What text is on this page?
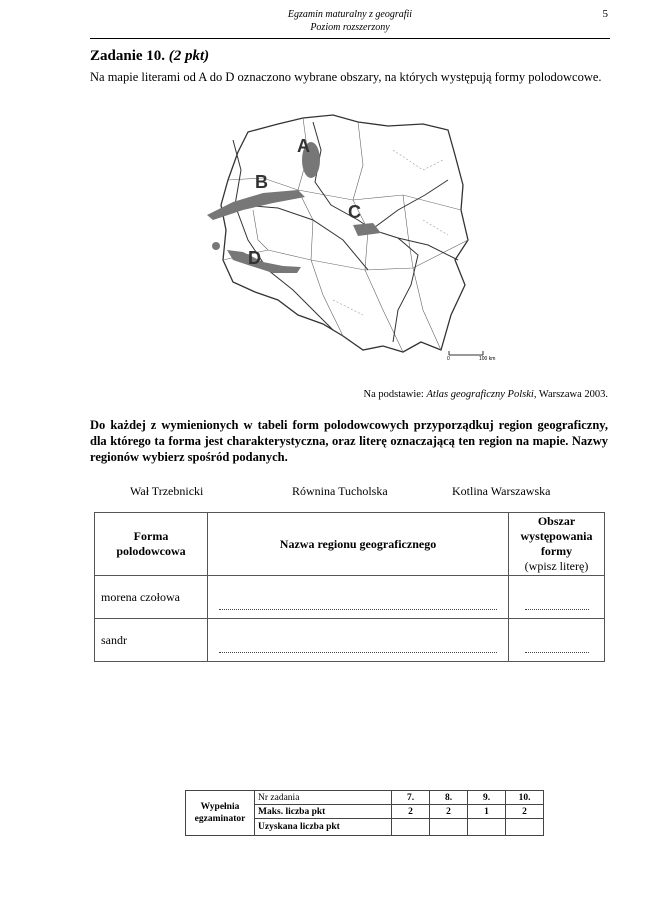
Egzamin maturalny z geografii
Poziom rozszerzony
5
Zadanie 10. (2 pkt)
Na mapie literami od A do D oznaczono wybrane obszary, na których występują formy polodowcowe.
A
B
C
D
0	100 km
Na podstawie: Atlas geograficzny Polski, Warszawa 2003.
Do każdej z wymienionych w tabeli form polodowcowych przyporządkuj region geograficzny, dla którego ta forma jest charakterystyczna, oraz literę oznaczającą ten region na mapie. Nazwy regionów wybierz spośród podanych.
Wał Trzebnicki	Równina Tucholska	Kotlina Warszawska
Forma
polodowcowa	Nazwa regionu geograficznego	Obszar
występowania
formy
(wpisz literę)

morena czołowa	

sandr	

Wypełnia
egzaminator	Nr zadania	7.	8.	9.	10.
	Maks. liczba pkt	2	2	1	2
	Uzyskana liczba pkt				
